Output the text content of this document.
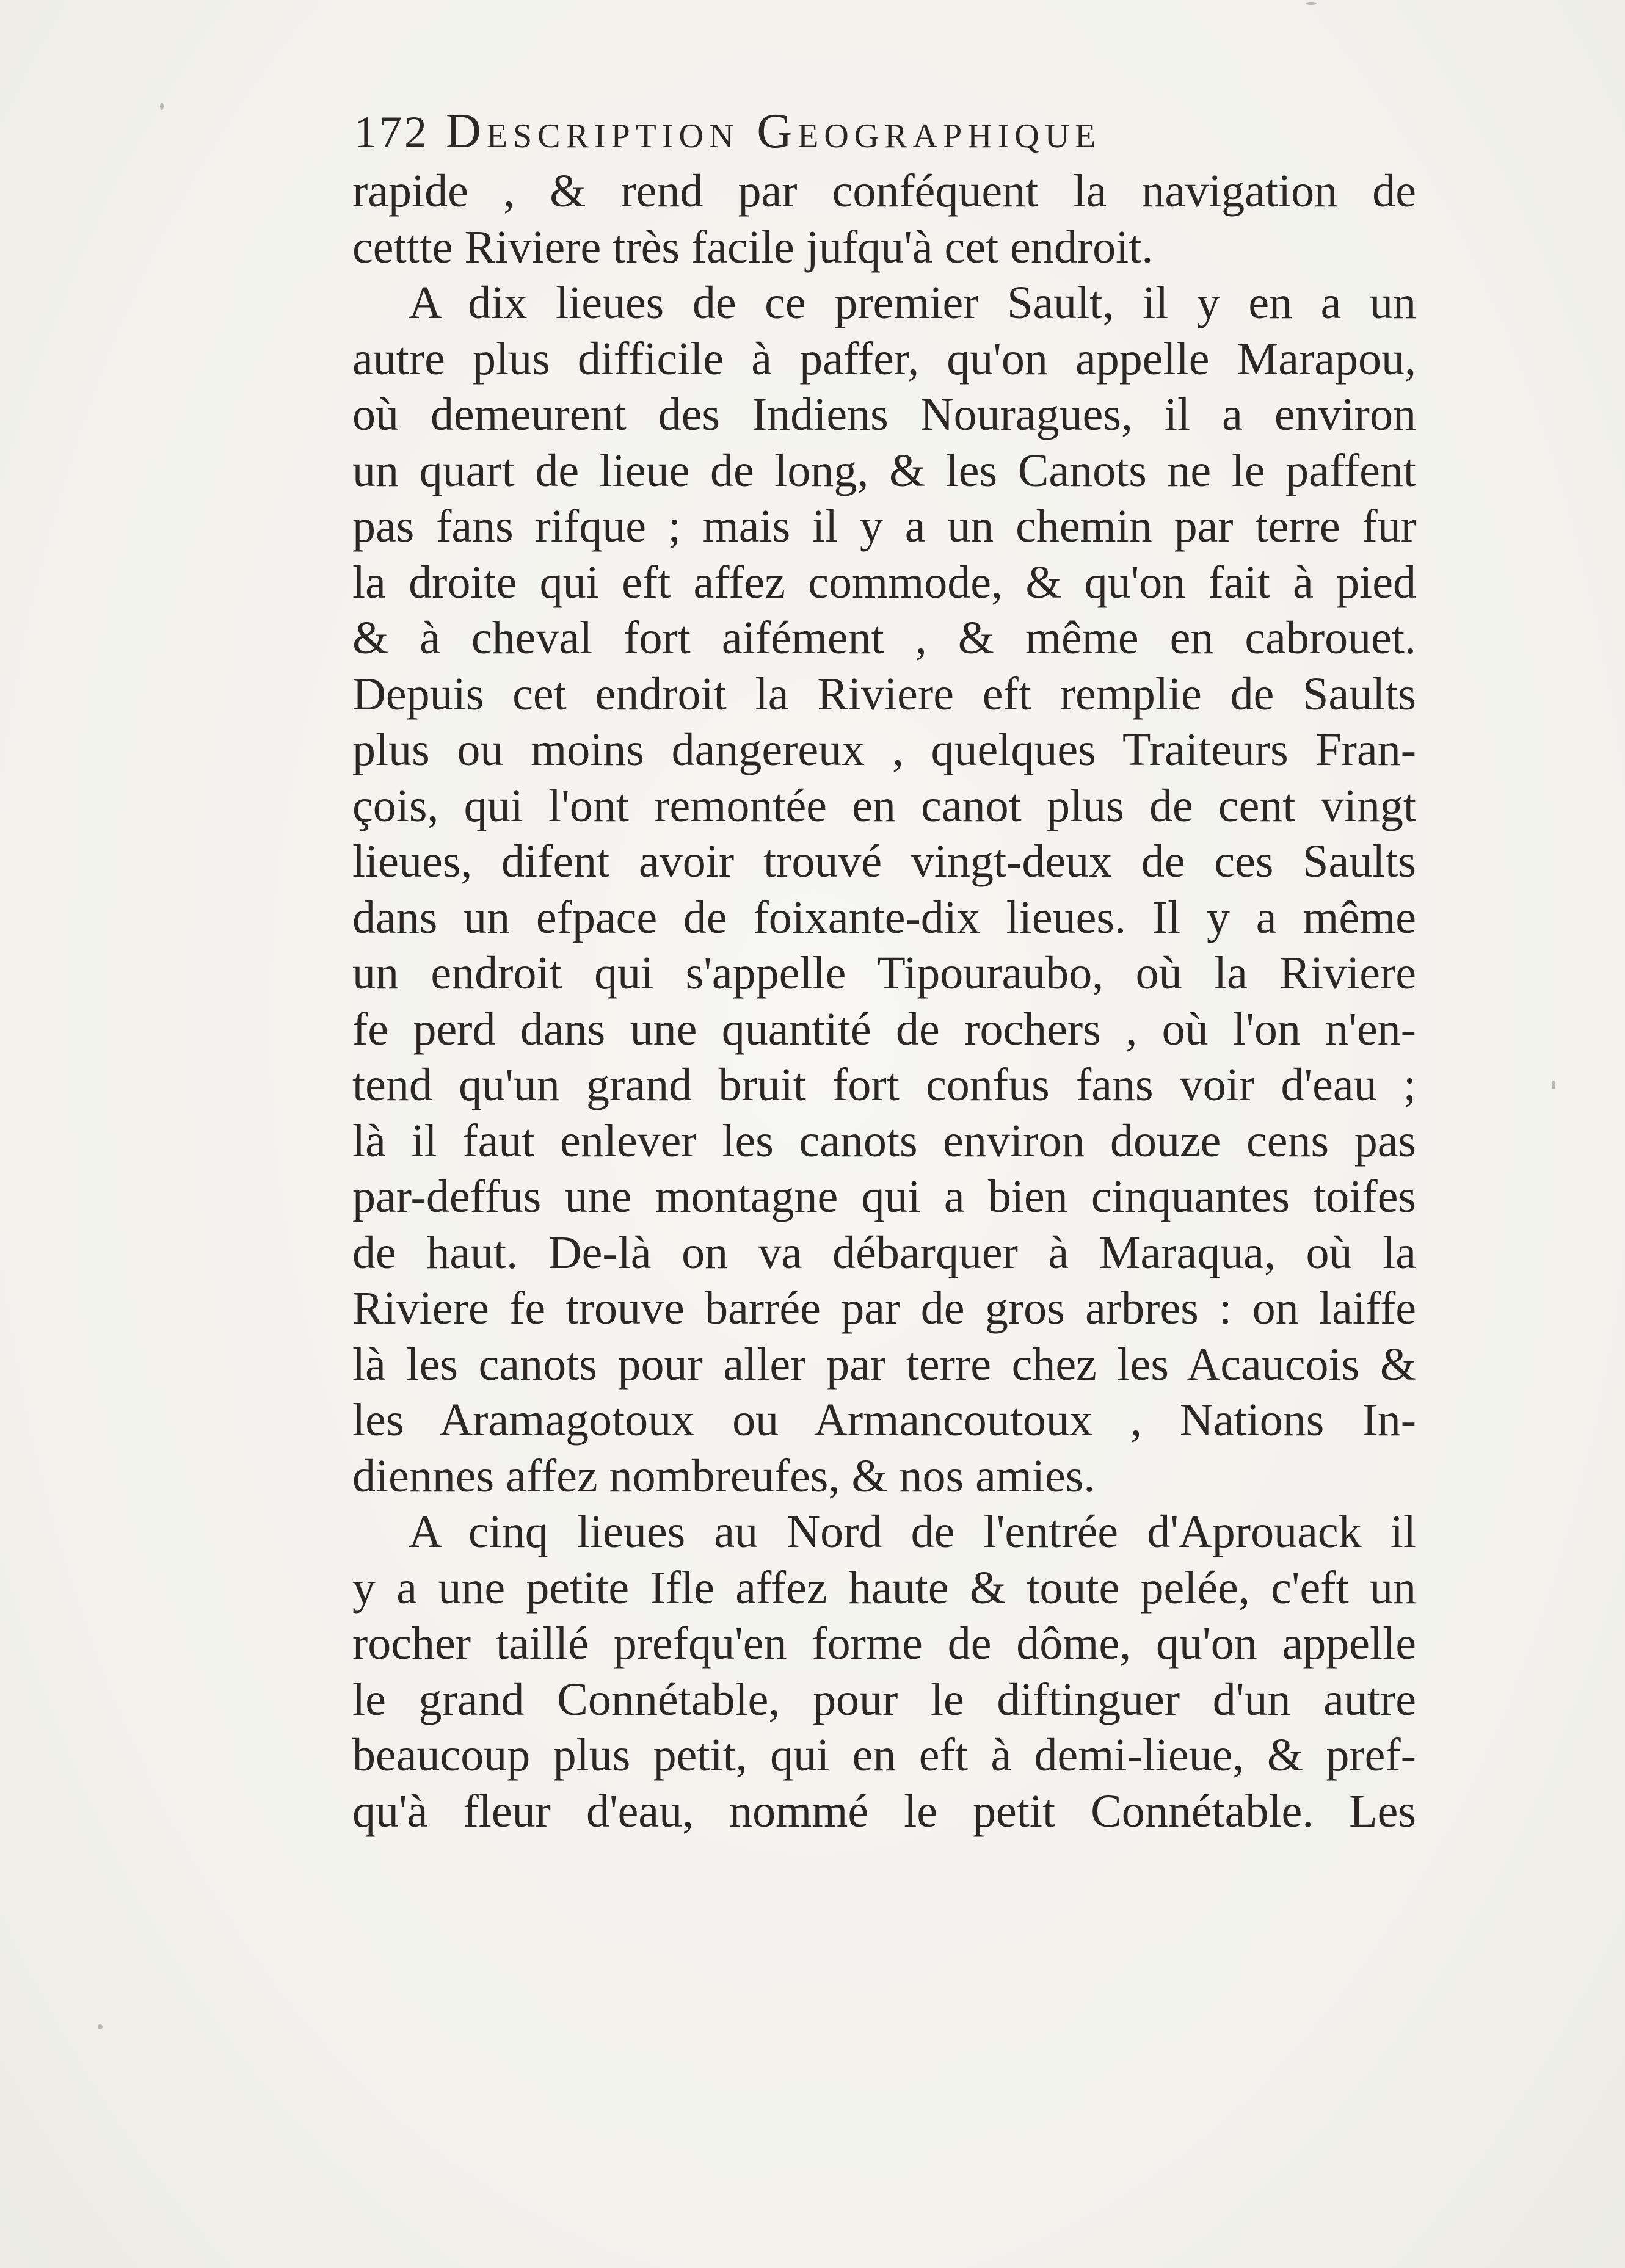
172 Description Geographique
rapide , & rend par conféquent la navigation de
cettte Riviere très facile jufqu'à cet endroit.
A dix lieues de ce premier Sault, il y en a un
autre plus difficile à paffer, qu'on appelle Marapou,
où demeurent des Indiens Nouragues, il a environ
un quart de lieue de long, & les Canots ne le paffent
pas fans rifque ; mais il y a un chemin par terre fur
la droite qui eft affez commode, & qu'on fait à pied
& à cheval fort aifément , & même en cabrouet.
Depuis cet endroit la Riviere eft remplie de Saults
plus ou moins dangereux , quelques Traiteurs Fran-
çois, qui l'ont remontée en canot plus de cent vingt
lieues, difent avoir trouvé vingt-deux de ces Saults
dans un efpace de foixante-dix lieues. Il y a même
un endroit qui s'appelle Tipouraubo, où la Riviere
fe perd dans une quantité de rochers , où l'on n'en-
tend qu'un grand bruit fort confus fans voir d'eau ;
là il faut enlever les canots environ douze cens pas
par-deffus une montagne qui a bien cinquantes toifes
de haut. De-là on va débarquer à Maraqua, où la
Riviere fe trouve barrée par de gros arbres : on laiffe
là les canots pour aller par terre chez les Acaucois &
les Aramagotoux ou Armancoutoux , Nations In-
diennes affez nombreufes, & nos amies.
A cinq lieues au Nord de l'entrée d'Aprouack il
y a une petite Ifle affez haute & toute pelée, c'eft un
rocher taillé prefqu'en forme de dôme, qu'on appelle
le grand Connétable, pour le diftinguer d'un autre
beaucoup plus petit, qui en eft à demi-lieue, & pref-
qu'à fleur d'eau, nommé le petit Connétable. Les
